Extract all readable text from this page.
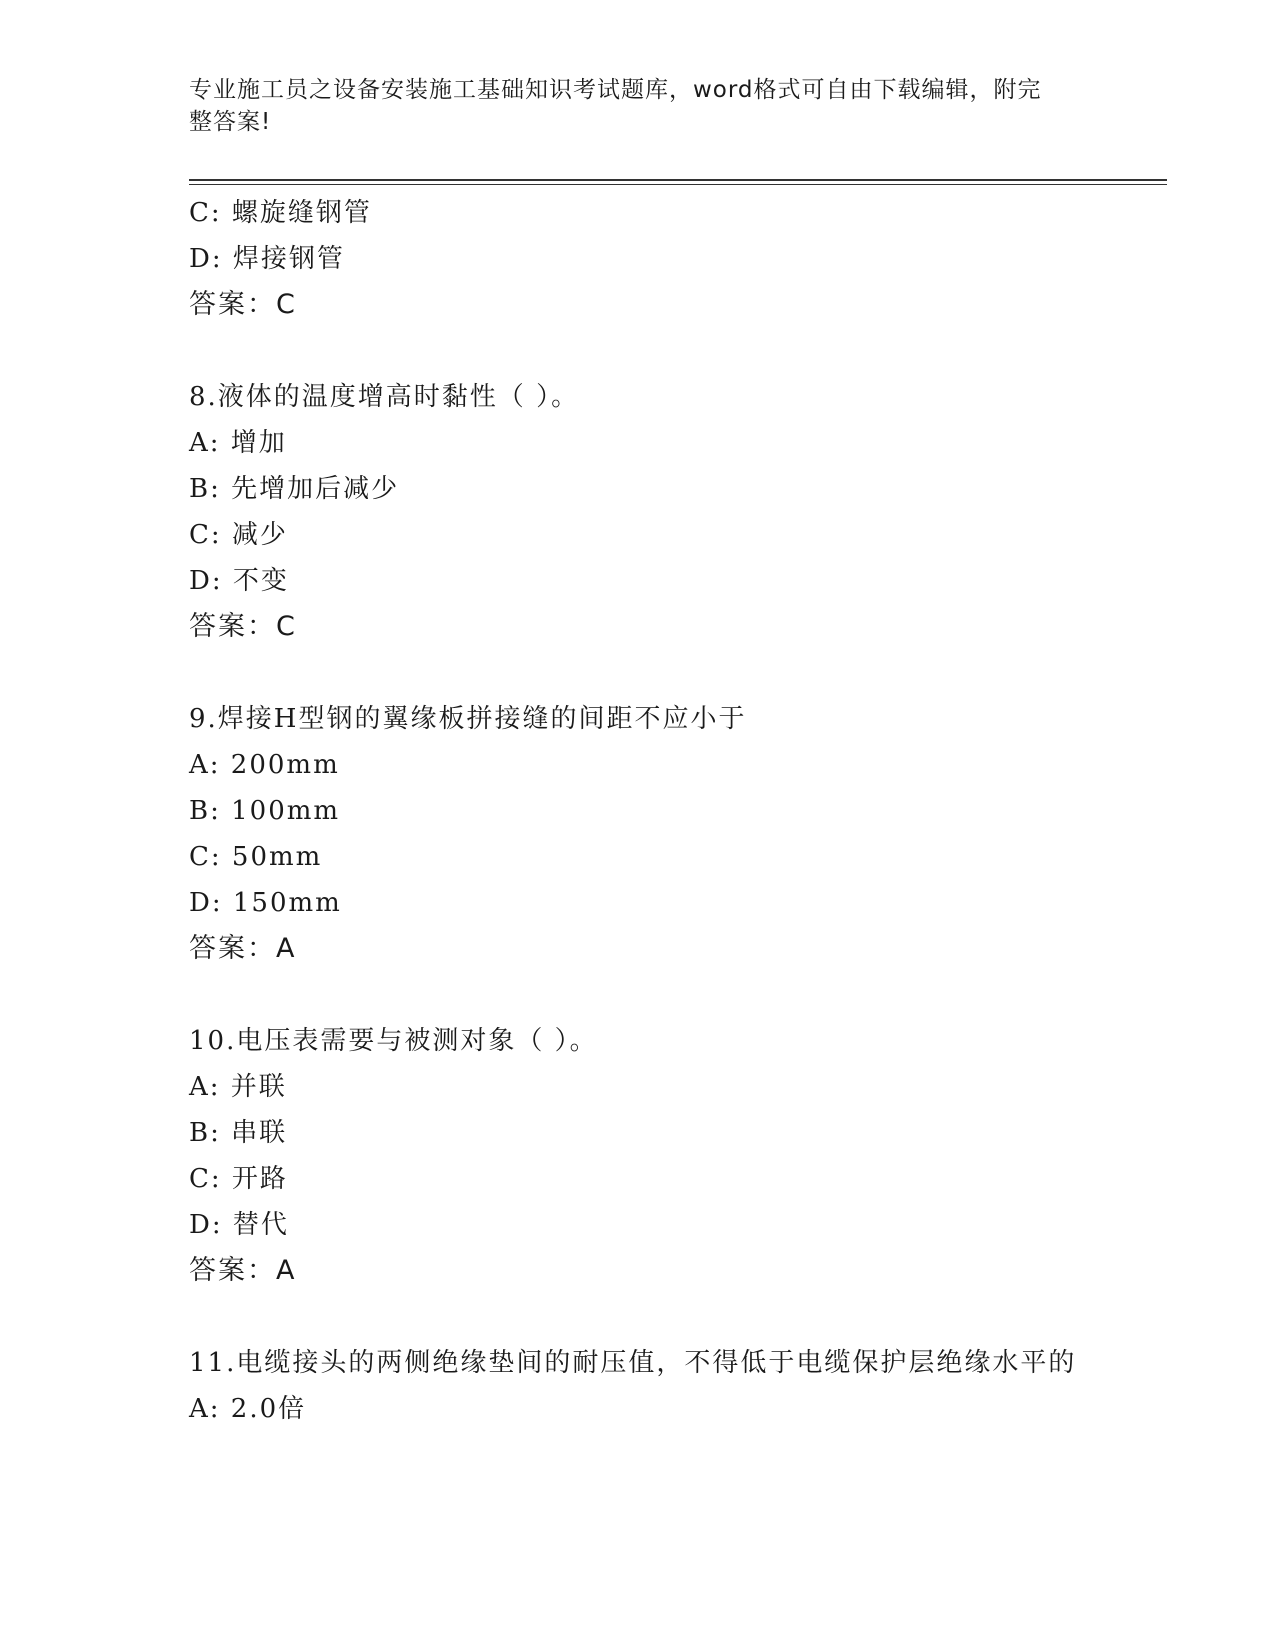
专业施工员之设备安装施工基础知识考试题库，word格式可自由下载编辑，附完
整答案!
C: 螺旋缝钢管
D: 焊接钢管
答案：C
8.液体的温度增高时黏性（ ）。
A: 增加
B: 先增加后减少
C: 减少
D: 不变
答案：C
9.焊接H型钢的翼缘板拼接缝的间距不应小于
A: 200mm
B: 100mm
C: 50mm
D: 150mm
答案：A
10.电压表需要与被测对象（ ）。
A: 并联
B: 串联
C: 开路
D: 替代
答案：A
11.电缆接头的两侧绝缘垫间的耐压值，不得低于电缆保护层绝缘水平的
A: 2.0倍
